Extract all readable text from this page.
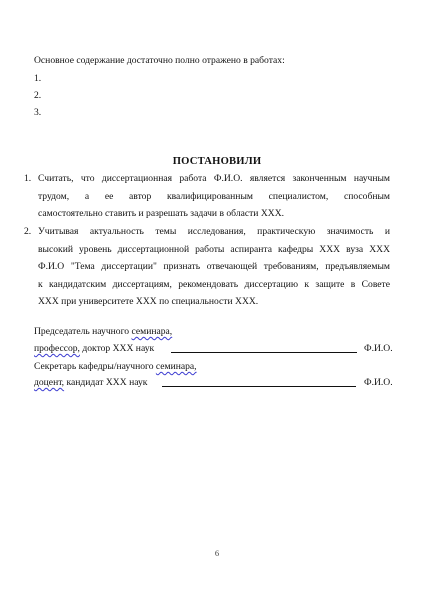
Основное содержание достаточно полно отражено в работах:
1.
2.
3.
ПОСТАНОВИЛИ
1. Считать, что диссертационная работа Ф.И.О. является законченным научным
трудом, а ее автор квалифицированным специалистом, способным
самостоятельно ставить и разрешать задачи в области ХХХ.
2. Учитывая актуальность темы исследования, практическую значимость и
высокий уровень диссертационной работы аспиранта кафедры ХХХ вуза ХХХ
Ф.И.О "Тема диссертации" признать отвечающей требованиям, предъявляемым
к кандидатским диссертациям, рекомендовать диссертацию к защите в Совете
ХХХ при университете ХХХ по специальности ХХХ.
Председатель научного семинара,
профессор, доктор ХХХ наук	Ф.И.О.
Секретарь кафедры/научного семинара,
доцент, кандидат ХХХ наук	Ф.И.О.
6
